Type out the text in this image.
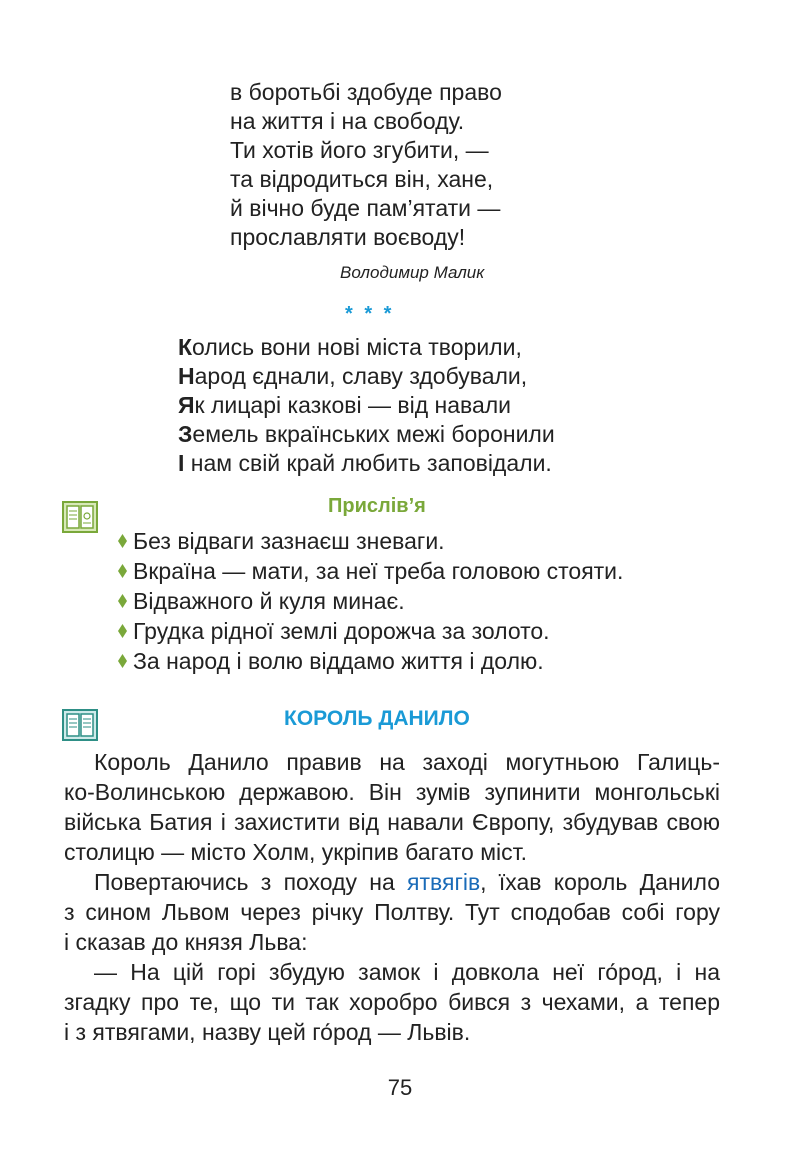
в боротьбі здобуде право
на життя і на свободу.
Ти хотів його згубити, —
та відродиться він, хане,
й вічно буде пам’ятати —
прославляти воєводу!
Володимир Малик
* * *
Колись вони нові міста творили,
Народ єднали, славу здобували,
Як лицарі казкові — від навали
Земель вкраїнських межі боронили
І нам свій край любить заповідали.
Прислів’я
Без відваги зазнаєш зневаги.
Вкраїна — мати, за неї треба головою стояти.
Відважного й куля минає.
Грудка рідної землі дорожча за золото.
За народ і волю віддамо життя і долю.
КОРОЛЬ ДАНИЛО
Король Данило правив на заході могутньою Галиць-
ко-Волинською державою. Він зумів зупинити монгольські
війська Батия і захистити від навали Європу, збудував свою
столицю — місто Холм, укріпив багато міст.
Повертаючись з походу на ятвягів, їхав король Данило
з сином Львом через річку Полтву. Тут сподобав собі гору
і сказав до князя Льва:
— На цій горі збудую замок і довкола неї го́род, і на
згадку про те, що ти так хоробро бився з чехами, а тепер
і з ятвягами, назву цей го́род — Львів.
75
